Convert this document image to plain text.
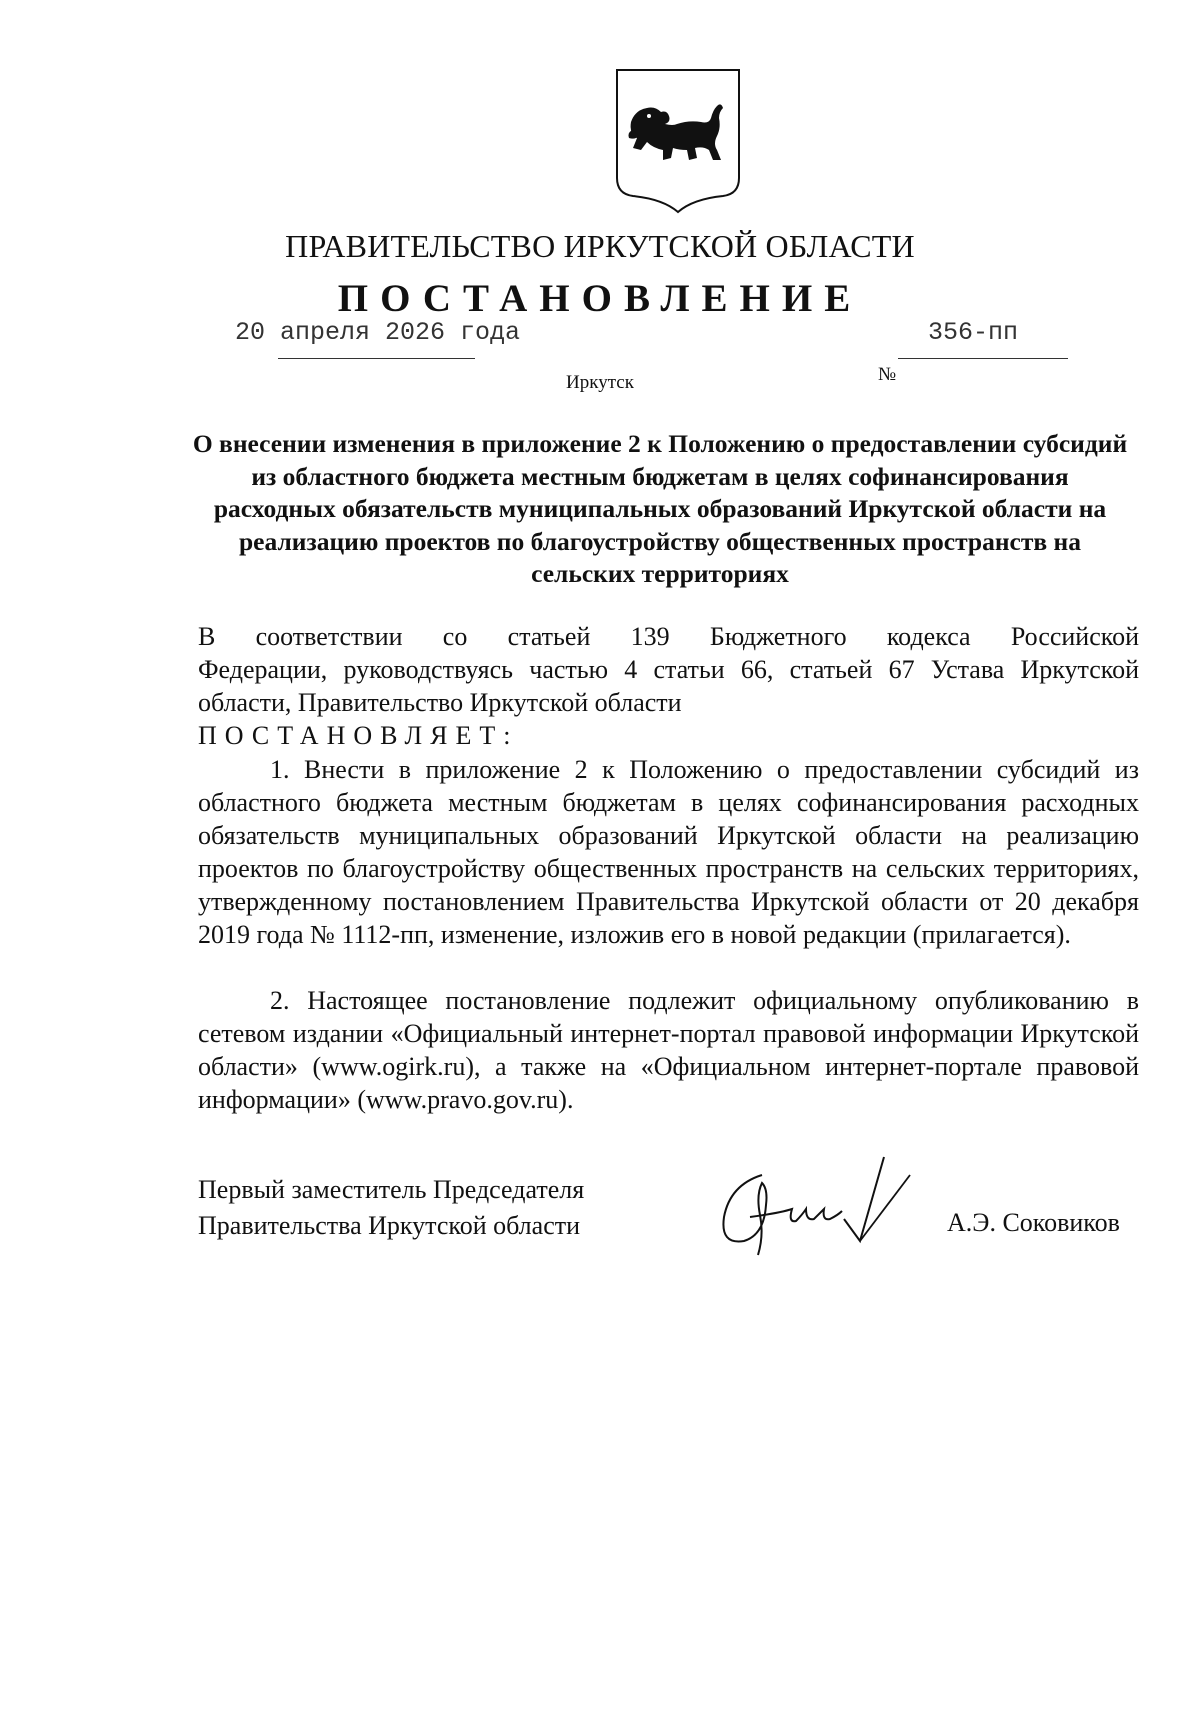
ПРАВИТЕЛЬСТВО ИРКУТСКОЙ ОБЛАСТИ
ПОСТАНОВЛЕНИЕ
20 апреля 2026 года
№
356-пп
Иркутск
О внесении изменения в приложение 2 к Положению о предоставлении субсидий из областного бюджета местным бюджетам в целях софинансирования расходных обязательств муниципальных образований Иркутской области на реализацию проектов по благоустройству общественных пространств на сельских территориях
В соответствии со статьей 139 Бюджетного кодекса Российской
Федерации, руководствуясь частью 4 статьи 66, статьей 67 Устава Иркутской области, Правительство Иркутской области
ПОСТАНОВЛЯЕТ:
1. Внести в приложение 2 к Положению о предоставлении субсидий из областного бюджета местным бюджетам в целях софинансирования расходных обязательств муниципальных образований Иркутской области на реализацию проектов по благоустройству общественных пространств на сельских территориях, утвержденному постановлением Правительства Иркутской области от 20 декабря 2019 года № 1112-пп, изменение, изложив его в новой редакции (прилагается).
2. Настоящее постановление подлежит официальному опубликованию в сетевом издании «Официальный интернет-портал правовой информации Иркутской области» (www.ogirk.ru), а также на «Официальном интернет-портале правовой информации» (www.pravo.gov.ru).
Первый заместитель Председателя
Правительства Иркутской области	А.Э. Соковиков
